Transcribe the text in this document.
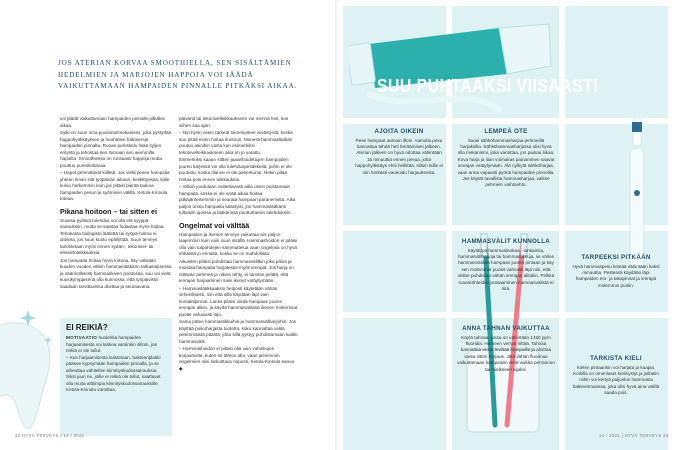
JOS ATERIAN KORVAA SMOOTHIELLA, SEN SISÄLTÄMIEN HEDELMIEN JA MARJOJEN HAPPOJA VOI JÄÄDÄ VAIKUTTAMAAN HAMPAIDEN PINNALLE PITKÄKSI AIKAA.

voi jäädä vaikuttamaan hampaiden pinnalle pitkäksi aikaa.

Sylki on suun oma puolustusmekanismi, joka pystyttää happohyökkäyksen ja huuhtelee bakteereja hampaiden pinnalta. Ruoan pureskelu lisää syljen eritystä ja tehostaa sen toimaan sen aiemmilta hapoilta. Smoothiessa on runsaasti happoja mutta puuttuu pureskeltavaa.

– Hapot pehmittävät kiilletä. Jos vielä pesee hampaita yhteen ilman sitä työpäivän aikaan, keskittyessä, kiille kuluu herkemmin kuin jos pitäisi pientä taukoa hampaiden pesun ja syömisen välillä, Ketola-Kinnula toteaa.

Pikana hoitoon – tai sitten ei

Suussa pyllävä tulehdus voi olla elä syyppä sairauksiin, mutta se saattaa fodaetaa myös hoitaa. Tehokasta biologista läätettä tai syöpä-hoitoa ei aloiteta, jos suun kunto epäilyttää. Suun terveys tarkistetaan myös ennen sydän-, tekonivel- tai elinsiirtoleikkauksia.

Jos hampaita hoitaa hyvin kotona, käy välisään kuuden vuoden välein hammaslääkärin tarkastuksessa ja säännöllisesti hammaskiven poistossa, suu voi vielä kuusikymppisenä olla kunnossa, että työpäivistä saadaan tarvittavissa aloittaa ja seuraavana

päivänä tai tekonivelleikkaukseen voi mennä heti, kun siihen saa ajan.

– Nyt hyvin usein tärkeät toimenpiteet viivästyvät, koska suu pitää ensin hoitaa kuntoon. Monesti hammaslääkäri puutuu asioihin vasta kun esimerkiksi tekonivelleikkaukseen aika on jo varattu.

Esimerkiksi kaaan sittten jaaarihoidettujen hampaiden juuren kärjessä voi olla tulehduspesäkkeitä, joihin ei ole puututtu, koska tilanne ei ole pahentunut. Nekin pitää hoitaa pois ennen leikkauksia.

– Silloin joudutaan valitettavasti aika usein poistamaan hampaita, koska ei ole enää aikaa hoitaa pitkäjänteisemmin ja seurata hampaan paranemista. Aika paljon onnia hampaita säästyisi, jos hammaslääkärin tultaisiin ajoissa ja lääkärissä puuttuttaisiin tulehduksiin.

Ongelmat voi välttää

Hampaiden ja ikenien terveys vaikuttaa siis paljon laajemmin kuin vain suun sisällä. Hammashoidon ei pitäisi olla vain tulpahdejen sammuttelua vaan ongelmia on hyvä ehkäistä jo ennalta, koska se on mahdollista.

Aikuisten pitäisi puhdistaa hammasvälitkin joka päivä ja muistaa hampaita harjatessa myös ienrajat. Jos harja on riittävän pehmeä ja oikein tehty, ei tarvitse pelätä, että ienrajan harjaaminen saisi ikenet vetäytymään.

– Hammaslääkkaaksin helposti käytetään vähän virheellisesti, niin että sillä käydään läpi vain kontaktipinnat. Lanka pitäisi viedä hampaan juuren ienrajan alikin, ja käydä hammasvälissä ikenen molemmat puolet vahavasti läpi.

Sama pätee hammastikkuihin ja hammasvälharjoihin. Jos käyttää puikoharjasta tuotetta, koko kannattaa valita pesimmäistä päästä, jotta sillä pystyy puhdistamaan kaikki hammasvälit.

– Hammashoidon ei pitäisi olla vain vahinkojen korjaamista, kuten se tähtoo olla, vaan pienimmin ongelmien olisi tarkoittava noposti, Ketola-Kinnula sanoo. ◆

EI REIKIÄ?

MOTIVAATIO huolehtia hampaiden harjaamisesta voi laskea varsinkin silloin, jos reikiä ei ole tullut.

– Kun harjaamisesta laiistetaan, bakteeriplakki pääsee kypsymään hampaiden pinnalla, ja se aiheuttaa vähitellen kiinnityskudossairauksia. Siksi juuri ne, joille ei reikiä ole tullut, saattavat olla muita alttiimpia kiinnityskudossairauksille, Ketola-Kinnula varoittaa.

32 HYVÄ TERVEYS / 14 / 2021
SUU PUHTAAKSI VIISAASTI
AJOITA OIKEIN
Pese hampaat aamuin illoin. Aamulla pesu kannattaa tehdä heti heräämisen jälkeen. Aterian jälkeen on hyvä odottaa vähintään 15 minuuttia ennen pesua, jotta happohyökkäys ehtii hellittää, silloin kiille ei niin herkästi vaurioidu harjauksesta.
LEMPEÄ OTE
Suosi sähköhammasharjaa pehmeillä harjaksilla. Sähköhammasharjassa olisi hyvä olla mekanismi, joka varoittaa, jos painaa liikaa. Kova harja ja liian voimakas painaminen saavat ienrajan vetäytymään. Älä nylkytä sähköharjaa, vaan anna vapaasti pyöriä hampaiden pinnoilla. Jos käytät tavallista hammasharjaa, valitse pehmein vaihtoehto.
HAMMASVÄLIT KUNNOLLA
Käytättpä hammaslankaa, -lankaimia, hammasvälharjoja tai hammastikkuja, se väline hammasvälissä hampaan juuren pintaan ja käy sen molemmat puolet vahvasti läpi niin, että väline puhdistaa vähän ienrajan alitakin. Pelkkä ruoantähteiden putsaaminen hammasvälistä ei riitä.
TARPEEKSI PITKÄÄN
Hyvä hammaspesu kestää vähintään kaksi minuuttia. Pestessä käydään läpi hampaiden etu- ja takapinnat ja ienrajat molemmin puolin.
ANNA TAHNAN VAIKUTTAA
Käytä tahnaa, jossa on vähintään 1450 ppm fluoridia. Herneen verran riittää. Tahnaa kannattaa ensin levittää hampaille ja aloittaa vasta sitten harjaus. Jätä vähän fluorinaa vaikuttamaan hampaisiin vielä vaikka perrannon tai mielkseen sijaksi.
TARKISTA KIELI
Kielen pintaankin voi harjata ja kaapia. Koikilla on omenlaset kielinystyt ja joillakin niihin voi kertyä paljonkin hammasta bakteerimassaa, joka olisi hyvä aina välillä saada pois.
14 / 2021 | HYVÄ TERVEYS 33
